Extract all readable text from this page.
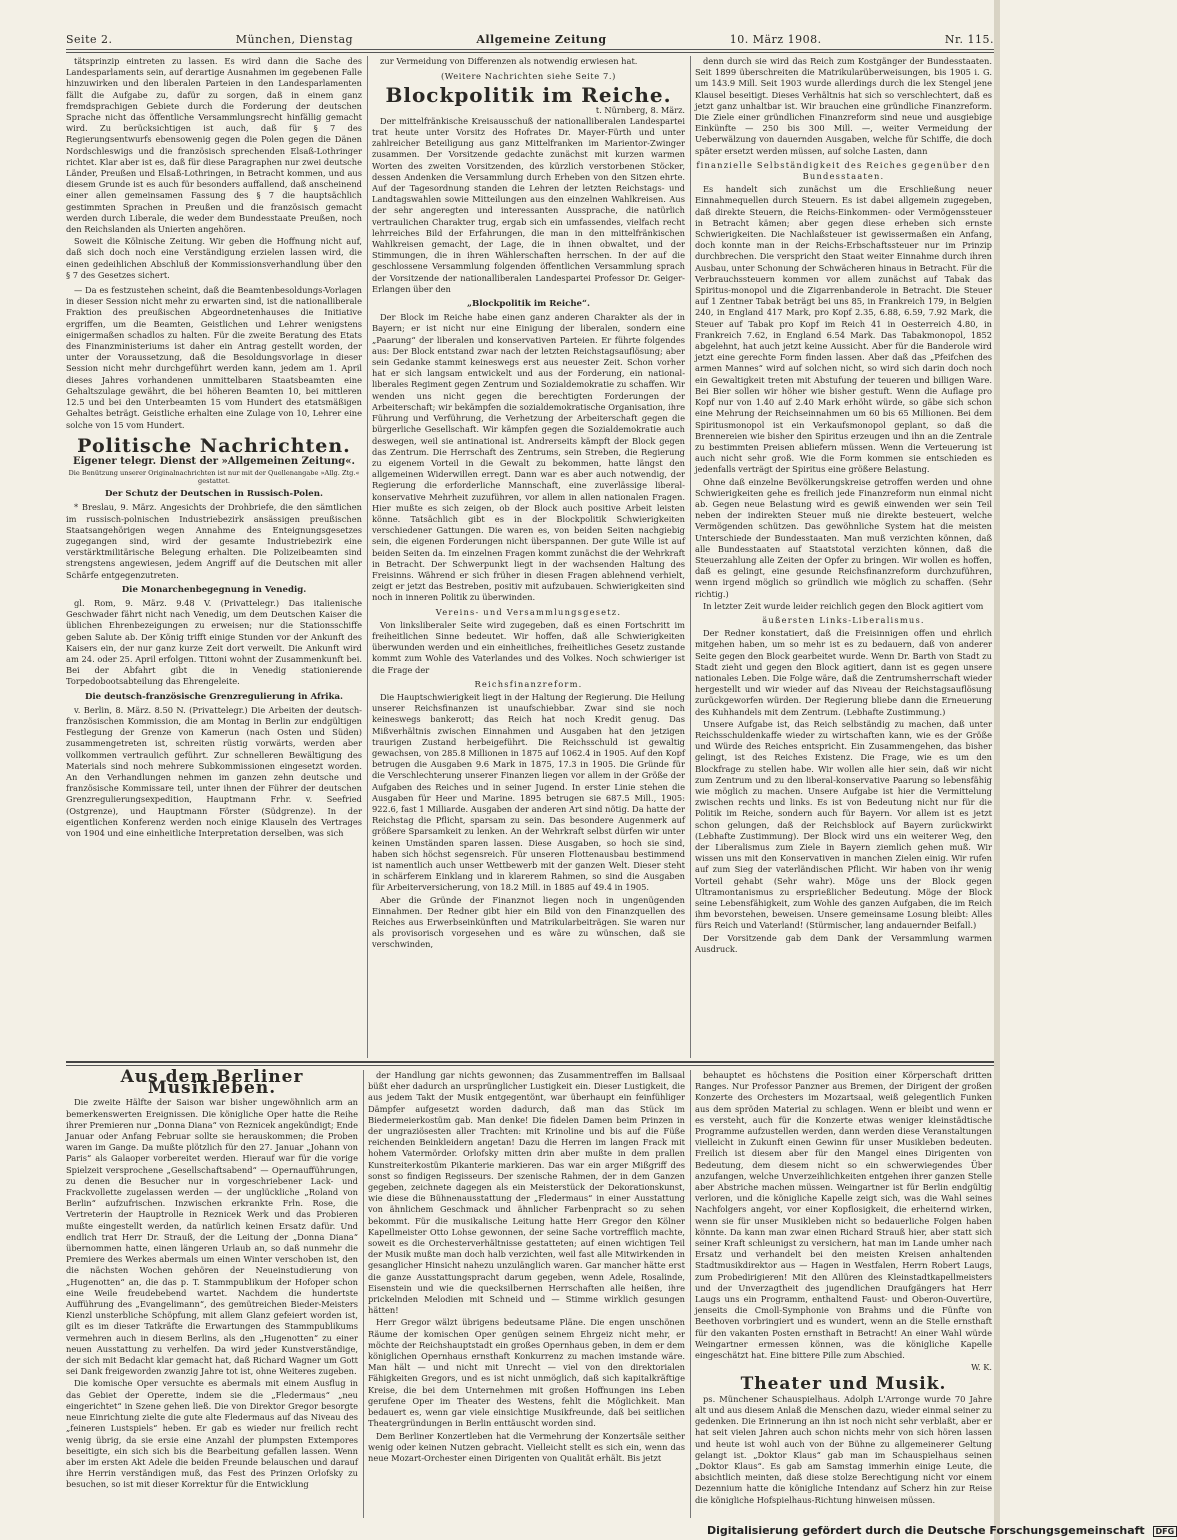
Seite 2.	München, Dienstag	Allgemeine Zeitung	10. März 1908.	Nr. 115.

tätsprinzip eintreten zu lassen. Es wird dann die Sache des Landesparlaments sein, auf derartige Ausnahmen im gegebenen Falle hinzuwirken und den liberalen Parteien in den Landesparlamenten fällt die Aufgabe zu, dafür zu sorgen, daß in einem ganz fremdsprachigen Gebiete durch die Forderung der deutschen Sprache nicht das öffentliche Versammlungsrecht hinfällig gemacht wird. Zu berücksichtigen ist auch, daß für § 7 des Regierungsentwurfs ebensowenig gegen die Polen gegen die Dänen Nordschleswigs und die französisch sprechenden Elsaß-Lothringer richtet. Klar aber ist es, daß für diese Paragraphen nur zwei deutsche Länder, Preußen und Elsaß-Lothringen, in Betracht kommen, und aus diesem Grunde ist es auch für besonders auffallend, daß anscheinend einer allen gemeinsamen Fassung des § 7 die hauptsächlich gestimmten Sprachen in Preußen und die französisch gemacht werden durch Liberale, die weder dem Bundesstaate Preußen, noch den Reichslanden als Unierten angehören.

Soweit die Kölnische Zeitung. Wir geben die Hoffnung nicht auf, daß sich doch noch eine Verständigung erzielen lassen wird, die einen gedeihlichen Abschluß der Kommissionsverhandlung über den § 7 des Gesetzes sichert.

— Da es festzustehen scheint, daß die Beamtenbesoldungs-Vorlagen in dieser Session nicht mehr zu erwarten sind, ist die nationalliberale Fraktion des preußischen Abgeordnetenhauses die Initiative ergriffen, um die Beamten, Geistlichen und Lehrer wenigstens einigermaßen schadlos zu halten. Für die zweite Beratung des Etats des Finanzministeriums ist daher ein Antrag gestellt worden, der unter der Voraussetzung, daß die Besoldungsvorlage in dieser Session nicht mehr durchgeführt werden kann, jedem am 1. April dieses Jahres vorhandenen unmittelbaren Staatsbeamten eine Gehaltszulage gewährt, die bei höheren Beamten 10, bei mittleren 12.5 und bei den Unterbeamten 15 vom Hundert des etatsmäßigen Gehaltes beträgt. Geistliche erhalten eine Zulage von 10, Lehrer eine solche von 15 vom Hundert.

Politische Nachrichten.
Eigener telegr. Dienst der »Allgemeinen Zeitung«.
Die Benützung unserer Originalnachrichten ist nur mit der Quellenangabe »Allg. Ztg.« gestattet.
Der Schutz der Deutschen in Russisch-Polen.

* Breslau, 9. März. Angesichts der Drohbriefe, die den sämtlichen im russisch-polnischen Industriebezirk ansässigen preußischen Staatsangehörigen wegen Annahme des Enteignungsgesetzes zugegangen sind, wird der gesamte Industriebezirk eine verstärktmilitärische Belegung erhalten. Die Polizeibeamten sind strengstens angewiesen, jedem Angriff auf die Deutschen mit aller Schärfe entgegenzutreten.

Die Monarchenbegegnung in Venedig.

gl. Rom, 9. März. 9.48 V. (Privattelegr.) Das italienische Geschwader fährt nicht nach Venedig, um dem Deutschen Kaiser die üblichen Ehrenbezeigungen zu erweisen; nur die Stationsschiffe geben Salute ab. Der König trifft einige Stunden vor der Ankunft des Kaisers ein, der nur ganz kurze Zeit dort verweilt. Die Ankunft wird am 24. oder 25. April erfolgen. Tittoni wohnt der Zusammenkunft bei. Bei der Abfahrt gibt die in Venedig stationierende Torpedobootsabteilung das Ehrengeleite.

Die deutsch-französische Grenzregulierung in Afrika.

v. Berlin, 8. März. 8.50 N. (Privattelegr.) Die Arbeiten der deutsch-französischen Kommission, die am Montag in Berlin zur endgültigen Festlegung der Grenze von Kamerun (nach Osten und Süden) zusammengetreten ist, schreiten rüstig vorwärts, werden aber vollkommen vertraulich geführt. Zur schnelleren Bewältigung des Materials sind noch mehrere Subkommissionen eingesetzt worden. An den Verhandlungen nehmen im ganzen zehn deutsche und französische Kommissare teil, unter ihnen der Führer der deutschen Grenzregulierungsexpedition, Hauptmann Frhr. v. Seefried (Ostgrenze), und Hauptmann Förster (Südgrenze). In der eigentlichen Konferenz werden noch einige Klauseln des Vertrages von 1904 und eine einheitliche Interpretation derselben, was sich

zur Vermeidung von Differenzen als notwendig erwiesen hat.

(Weitere Nachrichten siehe Seite 7.)
Blockpolitik im Reiche.
t. Nürnberg, 8. März.

Der mittelfränkische Kreisausschuß der nationalliberalen Landespartei trat heute unter Vorsitz des Hofrates Dr. Mayer-Fürth und unter zahlreicher Beteiligung aus ganz Mittelfranken im Marientor-Zwinger zusammen. Der Vorsitzende gedachte zunächst mit kurzen warmen Worten des zweiten Vorsitzenden, des kürzlich verstorbenen Stöcker, dessen Andenken die Versammlung durch Erheben von den Sitzen ehrte. Auf der Tagesordnung standen die Lehren der letzten Reichstags- und Landtagswahlen sowie Mitteilungen aus den einzelnen Wahlkreisen. Aus der sehr angeregten und interessanten Aussprache, die natürlich vertraulichen Charakter trug, ergab sich ein umfassendes, vielfach recht lehrreiches Bild der Erfahrungen, die man in den mittelfränkischen Wahlkreisen gemacht, der Lage, die in ihnen obwaltet, und der Stimmungen, die in ihren Wählerschaften herrschen. In der auf die geschlossene Versammlung folgenden öffentlichen Versammlung sprach der Vorsitzende der nationalliberalen Landespartei Professor Dr. Geiger-Erlangen über den

„Blockpolitik im Reiche“.

Der Block im Reiche habe einen ganz anderen Charakter als der in Bayern; er ist nicht nur eine Einigung der liberalen, sondern eine „Paarung“ der liberalen und konservativen Parteien. Er führte folgendes aus: Der Block entstand zwar nach der letzten Reichstagsauflösung; aber sein Gedanke stammt keineswegs erst aus neuester Zeit. Schon vorher hat er sich langsam entwickelt und aus der Forderung, ein national-liberales Regiment gegen Zentrum und Sozialdemokratie zu schaffen. Wir wenden uns nicht gegen die berechtigten Forderungen der Arbeiterschaft; wir bekämpfen die sozialdemokratische Organisation, ihre Führung und Verführung, die Verhetzung der Arbeiterschaft gegen die bürgerliche Gesellschaft. Wir kämpfen gegen die Sozialdemokratie auch deswegen, weil sie antinational ist. Andrerseits kämpft der Block gegen das Zentrum. Die Herrschaft des Zentrums, sein Streben, die Regierung zu eigenem Vorteil in die Gewalt zu bekommen, hatte längst den allgemeinen Widerwillen erregt. Dann war es aber auch notwendig, der Regierung die erforderliche Mannschaft, eine zuverlässige liberal-konservative Mehrheit zuzuführen, vor allem in allen nationalen Fragen. Hier mußte es sich zeigen, ob der Block auch positive Arbeit leisten könne. Tatsächlich gibt es in der Blockpolitik Schwierigkeiten verschiedener Gattungen. Die waren es, von beiden Seiten nachgiebig sein, die eigenen Forderungen nicht überspannen. Der gute Wille ist auf beiden Seiten da. Im einzelnen Fragen kommt zunächst die der Wehrkraft in Betracht. Der Schwerpunkt liegt in der wachsenden Haltung des Freisinns. Während er sich früher in diesen Fragen ablehnend verhielt, zeigt er jetzt das Bestreben, positiv mit aufzubauen. Schwierigkeiten sind noch in inneren Politik zu überwinden.

Vereins- und Versammlungsgesetz.

Von linksliberaler Seite wird zugegeben, daß es einen Fortschritt im freiheitlichen Sinne bedeutet. Wir hoffen, daß alle Schwierigkeiten überwunden werden und ein einheitliches, freiheitliches Gesetz zustande kommt zum Wohle des Vaterlandes und des Volkes. Noch schwieriger ist die Frage der

Reichsfinanzreform.

Die Hauptschwierigkeit liegt in der Haltung der Regierung. Die Heilung unserer Reichsfinanzen ist unaufschiebbar. Zwar sind sie noch keineswegs bankerott; das Reich hat noch Kredit genug. Das Mißverhältnis zwischen Einnahmen und Ausgaben hat den jetzigen traurigen Zustand herbeigeführt. Die Reichsschuld ist gewaltig gewachsen, von 285.8 Millionen in 1875 auf 1062.4 in 1905. Auf den Kopf betrugen die Ausgaben 9.6 Mark in 1875, 17.3 in 1905. Die Gründe für die Verschlechterung unserer Finanzen liegen vor allem in der Größe der Aufgaben des Reiches und in seiner Jugend. In erster Linie stehen die Ausgaben für Heer und Marine. 1895 betrugen sie 687.5 Mill., 1905: 922.6, fast 1 Milliarde. Ausgaben der anderen Art sind nötig. Da hatte der Reichstag die Pflicht, sparsam zu sein. Das besondere Augenmerk auf größere Sparsamkeit zu lenken. An der Wehrkraft selbst dürfen wir unter keinen Umständen sparen lassen. Diese Ausgaben, so hoch sie sind, haben sich höchst segensreich. Für unseren Flottenausbau bestimmend ist namentlich auch unser Wettbewerb mit der ganzen Welt. Dieser steht in schärferem Einklang und in klarerem Rahmen, so sind die Ausgaben für Arbeiterversicherung, von 18.2 Mill. in 1885 auf 49.4 in 1905.

Aber die Gründe der Finanznot liegen noch in ungenügenden Einnahmen. Der Redner gibt hier ein Bild von den Finanzquellen des Reiches aus Erwerbseinkünften und Matrikularbeiträgen. Sie waren nur als provisorisch vorgesehen und es wäre zu wünschen, daß sie verschwinden,

denn durch sie wird das Reich zum Kostgänger der Bundesstaaten. Seit 1899 überschreiten die Matrikularüberweisungen, bis 1905 i. G. um 143.9 Mill. Seit 1903 wurde allerdings durch die lex Stengel jene Klausel beseitigt. Dieses Verhältnis hat sich so verschlechtert, daß es jetzt ganz unhaltbar ist. Wir brauchen eine gründliche Finanzreform. Die Ziele einer gründlichen Finanzreform sind neue und ausgiebige Einkünfte — 250 bis 300 Mill. —, weiter Vermeidung der Ueberwälzung von dauernden Ausgaben, welche für Schiffe, die doch später ersetzt werden müssen, auf solche Lasten, dann

finanzielle Selbständigkeit des Reiches gegenüber den Bundesstaaten.

Es handelt sich zunächst um die Erschließung neuer Einnahmequellen durch Steuern. Es ist dabei allgemein zugegeben, daß direkte Steuern, die Reichs-Einkommen- oder Vermögenssteuer in Betracht kämen; aber gegen diese erheben sich ernste Schwierigkeiten. Die Nachlaßsteuer ist gewissermaßen ein Anfang, doch konnte man in der Reichs-Erbschaftssteuer nur im Prinzip durchbrechen. Die verspricht den Staat weiter Einnahme durch ihren Ausbau, unter Schonung der Schwächeren hinaus in Betracht. Für die Verbrauchssteuern kommen vor allem zunächst auf Tabak das Spiritus-monopol und die Zigarrenbanderole in Betracht. Die Steuer auf 1 Zentner Tabak beträgt bei uns 85, in Frankreich 179, in Belgien 240, in England 417 Mark, pro Kopf 2.35, 6.88, 6.59, 7.92 Mark, die Steuer auf Tabak pro Kopf im Reich 41 in Oesterreich 4.80, in Frankreich 7.62, in England 6.54 Mark. Das Tabakmonopol, 1852 abgelehnt, hat auch jetzt keine Aussicht. Aber für die Banderole wird jetzt eine gerechte Form finden lassen. Aber daß das „Pfeifchen des armen Mannes“ wird auf solchen nicht, so wird sich darin doch noch ein Gewaltigkeit treten mit Abstufung der teueren und billigen Ware. Bei Bier sollen wir höher wie bisher gestuft. Wenn die Auflage pro Kopf nur von 1.40 auf 2.40 Mark erhöht würde, so gäbe sich schon eine Mehrung der Reichseinnahmen um 60 bis 65 Millionen. Bei dem Spiritusmonopol ist ein Verkaufsmonopol geplant, so daß die Brennereien wie bisher den Spiritus erzeugen und ihn an die Zentrale zu bestimmten Preisen abliefern müssen. Wenn die Verteuerung ist auch nicht sehr groß. Wie die Form kommen sie entschieden es jedenfalls verträgt der Spiritus eine größere Belastung.

Ohne daß einzelne Bevölkerungskreise getroffen werden und ohne Schwierigkeiten gehe es freilich jede Finanzreform nun einmal nicht ab. Gegen neue Belastung wird es gewiß einwenden wer sein Teil neben der indirekten Steuer muß nie direkte besteuert, welche Vermögenden schützen. Das gewöhnliche System hat die meisten Unterschiede der Bundesstaaten. Man muß verzichten können, daß alle Bundesstaaten auf Staatstotal verzichten können, daß die Steuerzahlung alle Zeiten der Opfer zu bringen. Wir wollen es hoffen, daß es gelingt, eine gesunde Reichsfinanzreform durchzuführen, wenn irgend möglich so gründlich wie möglich zu schaffen. (Sehr richtig.)

In letzter Zeit wurde leider reichlich gegen den Block agitiert vom

äußersten Links-Liberalismus.

Der Redner konstatiert, daß die Freisinnigen offen und ehrlich mitgehen haben, um so mehr ist es zu bedauern, daß von anderer Seite gegen den Block gearbeitet wurde. Wenn Dr. Barth von Stadt zu Stadt zieht und gegen den Block agitiert, dann ist es gegen unsere nationales Leben. Die Folge wäre, daß die Zentrumsherrschaft wieder hergestellt und wir wieder auf das Niveau der Reichstagsauflösung zurückgeworfen würden. Der Regierung bliebe dann die Erneuerung des Kuhhandels mit dem Zentrum. (Lebhafte Zustimmung.)

Unsere Aufgabe ist, das Reich selbständig zu machen, daß unter Reichsschuldenkaffe wieder zu wirtschaften kann, wie es der Größe und Würde des Reiches entspricht. Ein Zusammengehen, das bisher gelingt, ist des Reiches Existenz. Die Frage, wie es um den Blockfrage zu stellen habe. Wir wollen alle hier sein, daß wir nicht zum Zentrum und zu den liberal-konservative Paarung so lebensfähig wie möglich zu machen. Unsere Aufgabe ist hier die Vermittelung zwischen rechts und links. Es ist von Bedeutung nicht nur für die Politik im Reiche, sondern auch für Bayern. Vor allem ist es jetzt schon gelungen, daß der Reichsblock auf Bayern zurückwirkt (Lebhafte Zustimmung). Der Block wird uns ein weiterer Weg, den der Liberalismus zum Ziele in Bayern ziemlich gehen muß. Wir wissen uns mit den Konservativen in manchen Zielen einig. Wir rufen auf zum Sieg der vaterländischen Pflicht. Wir haben von ihr wenig Vorteil gehabt (Sehr wahr). Möge uns der Block gegen Ultramontanismus zu ersprießlicher Bedeutung. Möge der Block seine Lebensfähigkeit, zum Wohle des ganzen Aufgaben, die im Reich ihm bevorstehen, beweisen. Unsere gemeinsame Losung bleibt: Alles fürs Reich und Vaterland! (Stürmischer, lang andauernder Beifall.)

Der Vorsitzende gab dem Dank der Versammlung warmen Ausdruck.

Aus dem Berliner Musikleben.

Die zweite Hälfte der Saison war bisher ungewöhnlich arm an bemerkenswerten Ereignissen. Die königliche Oper hatte die Reihe ihrer Premieren nur „Donna Diana“ von Reznicek angekündigt; Ende Januar oder Anfang Februar sollte sie herauskommen; die Proben waren im Gange. Da mußte plötzlich für den 27. Januar „Johann von Paris“ als Galaoper vorbereitet werden. Hierauf war für die vorige Spielzeit versprochene „Gesellschaftsabend“ — Opernaufführungen, zu denen die Besucher nur in vorgeschriebener Lack- und Frackvollette zugelassen werden — der unglückliche „Roland von Berlin“ aufzufrischen. Inzwischen erkrankte Frln. Rose, die Vertreterin der Hauptrolle in Reznicek Werk und das Probieren mußte eingestellt werden, da natürlich keinen Ersatz dafür. Und endlich trat Herr Dr. Strauß, der die Leitung der „Donna Diana“ übernommen hatte, einen längeren Urlaub an, so daß nunmehr die Premiere des Werkes abermals um einen Winter verschoben ist, den die nächsten Wochen gehören der Neueinstudierung von „Hugenotten“ an, die das p. T. Stammpublikum der Hofoper schon eine Weile freudebebend wartet. Nachdem die hundertste Aufführung des „Evangelimann“, des gemütreichen Bieder-Meisters Kienzl unsterbliche Schöpfung, mit allem Glanz gefeiert worden ist, gilt es im dieser Tatkräfte die Erwartungen des Stammpublikums vermehren auch in diesem Berlins, als den „Hugenotten“ zu einer neuen Ausstattung zu verhelfen. Da wird jeder Kunstverständige, der sich mit Bedacht klar gemacht hat, daß Richard Wagner um Gott sei Dank freigeworden zwanzig Jahre tot ist, ohne Weiteres zugeben.

Die komische Oper versuchte es abermals mit einem Ausflug in das Gebiet der Operette, indem sie die „Fledermaus“ „neu eingerichtet“ in Szene gehen ließ. Die von Direktor Gregor besorgte neue Einrichtung zielte die gute alte Fledermaus auf das Niveau des „feineren Lustspiels“ heben. Er gab es wieder nur freilich recht wenig übrig, da sie ersie eine Anzahl der plumpsten Extempores beseitigte, ein sich sich bis die Bearbeitung gefallen lassen. Wenn aber im ersten Akt Adele die beiden Freunde belauschen und darauf ihre Herrin verständigen muß, das Fest des Prinzen Orlofsky zu besuchen, so ist mit dieser Korrektur für die Entwicklung

der Handlung gar nichts gewonnen; das Zusammentreffen im Ballsaal büßt eher dadurch an ursprünglicher Lustigkeit ein. Dieser Lustigkeit, die aus jedem Takt der Musik entgegentönt, war überhaupt ein feinfühliger Dämpfer aufgesetzt worden dadurch, daß man das Stück im Biedermeierkostüm gab. Man denke! Die fidelen Damen beim Prinzen in der ungraziösesten aller Trachten: mit Krinoline und bis auf die Füße reichenden Beinkleidern angetan! Dazu die Herren im langen Frack mit hohem Vatermörder. Orlofsky mitten drin aber mußte in dem prallen Kunstreiterkostüm Pikanterie markieren. Das war ein arger Mißgriff des sonst so findigen Regisseurs. Der szenische Rahmen, der in dem Ganzen gegeben, zeichnete dagegen als ein Meisterstück der Dekorationskunst, wie diese die Bühnenausstattung der „Fledermaus“ in einer Ausstattung von ähnlichem Geschmack und ähnlicher Farbenpracht so zu sehen bekommt. Für die musikalische Leitung hatte Herr Gregor den Kölner Kapellmeister Otto Lohse gewonnen, der seine Sache vortrefflich machte, soweit es die Orchesterverhältnisse gestatteten; auf einen wichtigen Teil der Musik mußte man doch halb verzichten, weil fast alle Mitwirkenden in gesanglicher Hinsicht nahezu unzulänglich waren. Gar mancher hätte erst die ganze Ausstattungspracht darum gegeben, wenn Adele, Rosalinde, Eisenstein und wie die quecksilbernen Herrschaften alle heißen, ihre prickelnden Melodien mit Schneid und — Stimme wirklich gesungen hätten!

Herr Gregor wälzt übrigens bedeutsame Pläne. Die engen unschönen Räume der komischen Oper genügen seinem Ehrgeiz nicht mehr, er möchte der Reichshauptstadt ein großes Opernhaus geben, in dem er dem königlichen Opernhaus ernsthaft Konkurrenz zu machen imstande wäre. Man hält — und nicht mit Unrecht — viel von den direktorialen Fähigkeiten Gregors, und es ist nicht unmöglich, daß sich kapitalkräftige Kreise, die bei dem Unternehmen mit großen Hoffnungen ins Leben gerufene Oper im Theater des Westens, fehlt die Möglichkeit. Man bedauert es, wenn gar viele einsichtige Musikfreunde, daß bei seitlichen Theatergründungen in Berlin enttäuscht worden sind.

Dem Berliner Konzertleben hat die Vermehrung der Konzertsäle seither wenig oder keinen Nutzen gebracht. Vielleicht stellt es sich ein, wenn das neue Mozart-Orchester einen Dirigenten von Qualität erhält. Bis jetzt

behauptet es höchstens die Position einer Körperschaft dritten Ranges. Nur Professor Panzner aus Bremen, der Dirigent der großen Konzerte des Orchesters im Mozartsaal, weiß gelegentlich Funken aus dem spröden Material zu schlagen. Wenn er bleibt und wenn er es versteht, auch für die Konzerte etwas weniger kleinstädtische Programme aufzustellen werden, dann werden diese Veranstaltungen vielleicht in Zukunft einen Gewinn für unser Musikleben bedeuten. Freilich ist diesem aber für den Mangel eines Dirigenten von Bedeutung, dem diesem nicht so ein schwerwiegendes Über anzufangen, welche Unverzeihlichkeiten entgehen ihrer ganzen Stelle aber Abstriche machen müssen. Weingartner ist für Berlin endgültig verloren, und die königliche Kapelle zeigt sich, was die Wahl seines Nachfolgers angeht, vor einer Kopflosigkeit, die erheiternd wirken, wenn sie für unser Musikleben nicht so bedauerliche Folgen haben könnte. Da kann man zwar einen Richard Strauß hier, aber statt sich seiner Kraft schleunigst zu versichern, hat man im Lande umher nach Ersatz und verhandelt bei den meisten Kreisen anhaltenden Stadtmusikdirektor aus — Hagen in Westfalen, Herrn Robert Laugs, zum Probedirigieren! Mit den Allüren des Kleinstadtkapellmeisters und der Unverzagtheit des jugendlichen Draufgängers hat Herr Laugs uns ein Programm, enthaltend Faust- und Oberon-Ouvertüre, jenseits die Cmoll-Symphonie von Brahms und die Fünfte von Beethoven vorbringiert und es wundert, wenn an die Stelle ernsthaft für den vakanten Posten ernsthaft in Betracht! An einer Wahl würde Weingartner ermessen können, was die königliche Kapelle eingeschätzt hat. Eine bittere Pille zum Abschied.

W. K.
Theater und Musik.

ps. Münchener Schauspielhaus. Adolph L'Arronge wurde 70 Jahre alt und aus diesem Anlaß die Menschen dazu, wieder einmal seiner zu gedenken. Die Erinnerung an ihn ist noch nicht sehr verblaßt, aber er hat seit vielen Jahren auch schon nichts mehr von sich hören lassen und heute ist wohl auch von der Bühne zu allgemeinerer Geltung gelangt ist. „Doktor Klaus“ gab man im Schauspielhaus seinen „Doktor Klaus“. Es gab am Samstag immerhin einige Leute, die absichtlich meinten, daß diese stolze Berechtigung nicht vor einem Dezennium hatte die königliche Intendanz auf Scherz hin zur Reise die königliche Hofspielhaus-Richtung hinweisen müssen.

Digitalisierung gefördert durch die Deutsche Forschungsgemeinschaft DFG
